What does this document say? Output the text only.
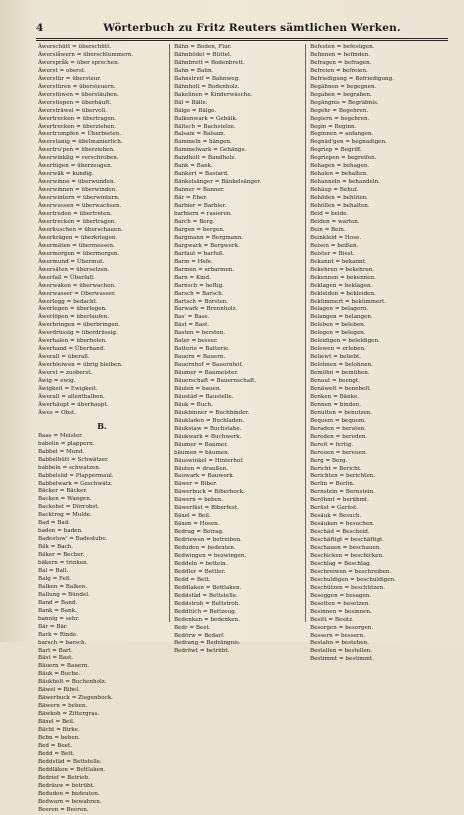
4	Wörterbuch zu Fritz Reuters sämtlichen Werken.
Äwerschütt = überschütt.
Äwerslåwern = überschlummern.
Äwerspråk = über sprechen.
Äwerst = oberst.
Äwerstür = übersteur.
Äwerstüren = übersteuern.
Äwerstüwen = überstäuben.
Äwerstiepen = überhäuft.
Äwersträwel = übervoll.
Äwertrecken = übertragen.
Äwertrecken = überziehen.
Äwertrumpfen = Überbieten.
Äwerstanig = übelmanierlich.
Äwertru'pen = überziehen.
Äwerwinklig = verschroben.
Äwertügen = überzeugen.
Äwerwäk = kundig.
Äwerwinne = überwunden.
Äwerwinnen = überwinden.
Äwerwintern = überwintern.
Äwerwussen = überwachsen.
Äwertreden = übertreten.
Äwertrecken = übertragen.
Äwerkuschen = überschauen.
Äwerkrägen = überkriegen.
Äwermäten = übermessen.
Äwermorgen = übermorgen.
Äwermund = Übermut.
Äwersäten = übersetzen.
Äwerfall = Überfall.
Äwerwaken = überwachen.
Äwerwasser = Oberwasser.
Äwerlegg = bedacht.
Äwerlegen = überlegen.
Äwerlöpen = überlaufen.
Äwerbringen = überbringen.
Äwerdrüssig = überdrüssig.
Äwerhalen = überholen.
Äwerhand = Überhand.
Äwerall = überall.
Äwerbleiwen = übrig bleiben.
Äwerst = zuoberst.
Äwig = ewig.
Äwigkeit = Ewigkeit.
Äwerall = allenthalben.
Äwerhäupt = überhaupt.
Äwes = Obst.
B.
Baas = Meister.
babelin = plappern.
Babbel = Mund.
Babbelbütt = Schwätzer.
babbeln = schwatzen.
Babbelsöd = Plappermaul.
Babbelwark = Geschwätz.
Bäcker = Bäcker.
Backen = Wangen.
Backobst = Dörrobst.
Backtrog = Mulde.
Bad = Bad.
baden = baden.
Badestuw' = Badestube.
Bäk = Bach.
Bäker = Becher.
bäkern = trinken.
Bal = Ball.
Balg = Fell.
Balken = Balken.
Ballung = Bündel.
Band = Band.
Bank = Bank.
bannig = sehr.
Bär = Bär.
Bark = Rinde.
barsch = barsch.
Bart = Bart.
Bäst = Bast.
Bäuern = Bauern.
Bäuk = Buche.
Bäukholt = Buchenholz.
Bäwel = Bibel.
Bäwerbuck = Ziegenbock.
Bäwern = beben.
Bäwkoh = Zittergras.
Bäxel = Beil.
Bächt = Birke.
Bebn = beben.
Bed = Beet.
Bedd = Bett.
Beddstäd = Bettstelle.
Beddläken = Bettlaken.
Bedrief = Betrieb.
Bedräuw = betrübt.
Beduden = bedeuten.
Bedwarn = bewahren.
Beeren = Beeren.
Bähn = Boden, Flur.
Bähnbödel = Büttel.
Bähnbrett = Bodenbrett.
Bahn = Bahn.
Bahnstreif = Bahnweg.
Bähnholt = Bodenholz.
Bakelinen = Kinderwäsche.
Bäl = Bälle.
Bälge = Bälge.
Balkenwark = Gebälk.
Bältsch = Bachstelze.
Balsam = Balsam.
Bammeln = hängen.
Bammelwark = Gehänge.
Bandholt = Bandholz.
Bank = Bank.
Bankert = Bastard.
Bänkelsänger = Bänkelsänger.
Banner = Banner.
Bär = Eber.
Barbier = Barbier.
barbiern = rasieren.
Barch = Berg.
Bargen = bergen.
Bargmann = Bergmann.
Bargwark = Bergwerk.
Barfaut = barfuß.
Barm = Hefe.
Barmen = erbarmen.
Barn = Kind.
Barnsch = heftig.
Barsch = Barsch.
Bartsch = Borsten.
Barwark = Brennholz.
Bas' = Base.
Bäst = Bast.
Basten = bersten.
Bater = besser.
Batterie = Batterie.
Bauern = Bauern.
Bauernhof = Bauernhof.
Bäumer = Baumeister.
Bäuerschaft = Bauernschaft.
Bäulen = bauen.
Bäustäd = Baustelle.
Bäuk = Buch.
Bäukbinner = Buchbinder.
Bäukladen = Buchladen.
Bäukstaw = Buchstabe.
Bäukwark = Buchwerk.
Bäumer = Baumer.
bäumen = bäumen.
Bäuswinkel = Hinterhof.
Bäuten = draußen.
Bauwark = Bauwerk.
Bäwer = Biber.
Bäwerbuck = Biberbock.
Bäwern = beben.
Bäwerfäst = Biberfest.
Bäxel = Beil.
Bäxen = Hosen.
Bedrag = Betrag.
Bedriewen = betreiben.
Beduden = bedeuten.
Bedwingen = bezwingen.
Beddeln = betteln.
Beddler = Bettler.
Bedd = Bett.
Beddlaken = Bettlaken.
Beddstäd = Bettstelle.
Beddstroh = Bettstroh.
Beddtüch = Bettzeug.
Bedenken = bedenken.
Bedr = Beet.
Bedörw = Bedarf.
Bedrang = Bedrängnis.
Bedröwt = betrübt.
Befesten = befestigen.
Befinnen = befinden.
Befragen = befragen.
Befreien = befreien.
Befriedigung = Befriedigung.
Begähnen = begegnen.
Begaben = begraben.
Begängnis = Begräbnis.
Begehr = Begehren.
Begiern = begehren.
Begin = Beginn.
Beginnen = anfangen.
Begnäd'gen = begnadigen.
Begriep = Begriff.
Begriepen = begreifen.
Behagen = behagen.
Behalen = behalten.
Behanneln = behandeln.
Behäup = Behuf.
Behöden = behüten.
Behöllen = behalten.
Beid = beide.
Beiden = warten.
Bein = Bein.
Beinkleid = Hose.
Beisen = beißen.
Beister = Biest.
Bekannt = bekannt.
Bekehren = bekehren.
Bekennen = bekennen.
Beklagen = beklagen.
Bekleiden = bekleiden.
Bekümmert = bekümmert.
Belagen = belagern.
Belangen = belangen.
Beleben = beleben.
Belegen = belegen.
Beleidigen = beleidigen.
Belewen = erleben.
Beliewt = beliebt.
Belohnen = belohnen.
Bemöhn = bemühen.
Benaut = beengt.
Benäwelt = benebelt.
Benken = Bänke.
Bennen = binden.
Benutten = benutzen.
Bequem = bequem.
Beraden = beraten.
Bereden = bereden.
Bereit = fertig.
Bereuen = bereuen.
Berg = Berg.
Bericht = Bericht.
Berichten = berichten.
Berlin = Berlin.
Bernstein = Bernstein.
Beröhmt = berühmt.
Berüst = Gerüst.
Besäuk = Besuch.
Besäuken = besuchen.
Beschäd = Bescheid.
Beschäftigt = beschäftigt.
Beschauen = beschauen.
Beschicken = beschicken.
Beschlag = Beschlag.
Beschreiwen = beschreiben.
Beschuldigen = beschuldigen.
Beschützen = beschützen.
Beseggen = besagen.
Besetten = besetzen.
Besinnen = besinnen.
Besitt = Besitz.
Besorgen = besorgen.
Bessern = bessern.
Bestahn = bestehen.
Bestellen = bestellen.
Bestimmt = bestimmt.
